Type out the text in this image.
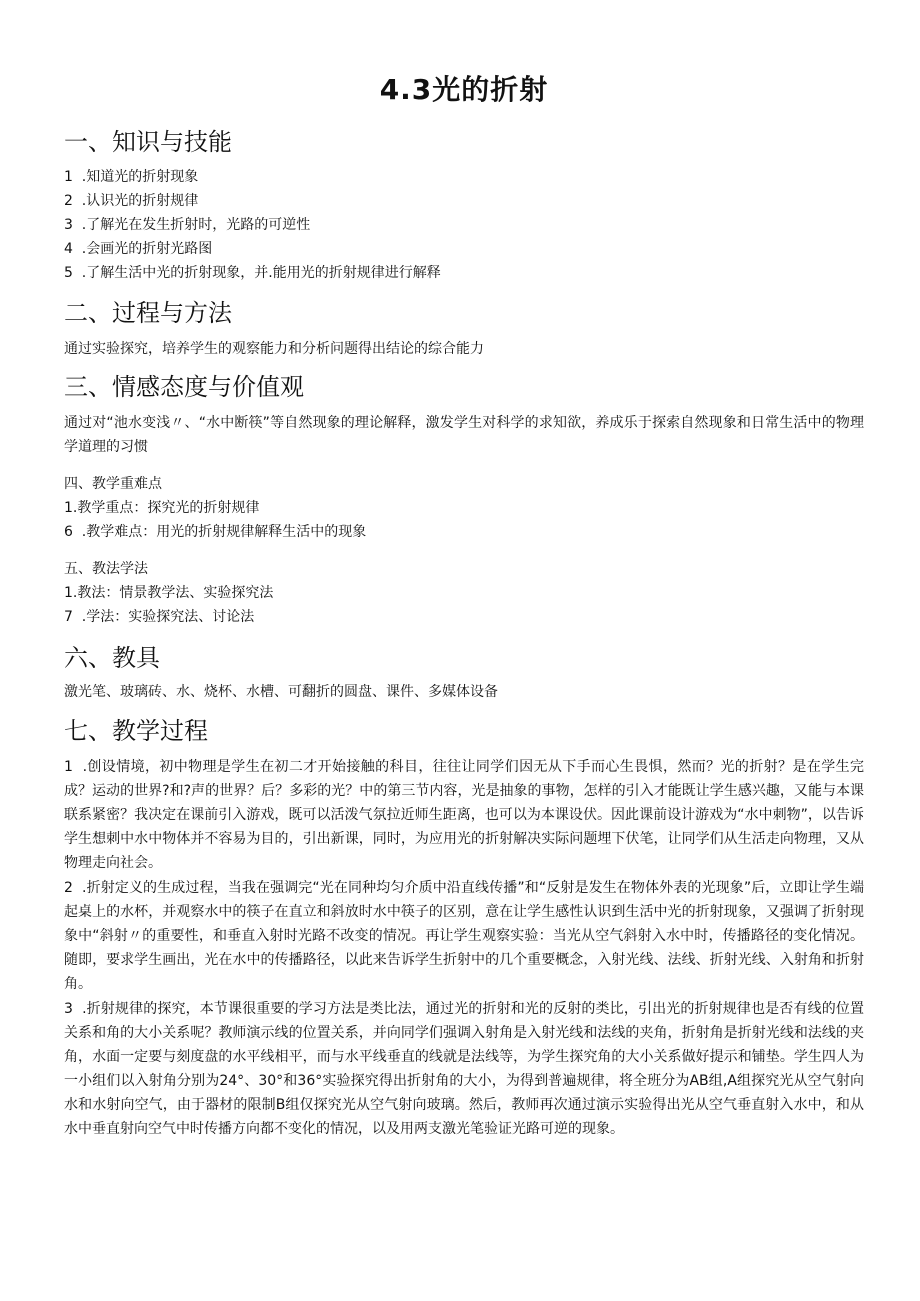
4.3光的折射
一、知识与技能
1  .知道光的折射现象
2  .认识光的折射规律
3  .了解光在发生折射时，光路的可逆性
4  .会画光的折射光路图
5  .了解生活中光的折射现象，并.能用光的折射规律进行解释
二、过程与方法
通过实验探究，培养学生的观察能力和分析问题得出结论的综合能力
三、情感态度与价值观
通过对“池水变浅〃、“水中断筷”等自然现象的理论解释，激发学生对科学的求知欲，养成乐于探索自然现象和日常生活中的物理学道理的习惯
四、教学重难点
1.教学重点：探究光的折射规律
6  .教学难点：用光的折射规律解释生活中的现象
五、教法学法
1.教法：情景教学法、实验探究法
7  .学法：实验探究法、讨论法
六、教具
激光笔、玻璃砖、水、烧杯、水槽、可翻折的圆盘、课件、多媒体设备
七、教学过程
1  .创设情境，初中物理是学生在初二才开始接触的科目，往往让同学们因无从下手而心生畏惧，然而？光的折射？是在学生完成？运动的世界?和?声的世界？后？多彩的光？中的第三节内容，光是抽象的事物，怎样的引入才能既让学生感兴趣，又能与本课联系紧密？我决定在课前引入游戏，既可以活泼气氛拉近师生距离，也可以为本课设伏。因此课前设计游戏为“水中刺物”，以告诉学生想刺中水中物体并不容易为目的，引出新课，同时，为应用光的折射解决实际问题埋下伏笔，让同学们从生活走向物理，又从物理走向社会。
2  .折射定义的生成过程，当我在强调完“光在同种均匀介质中沿直线传播”和“反射是发生在物体外表的光现象”后，立即让学生端起桌上的水杯，并观察水中的筷子在直立和斜放时水中筷子的区别，意在让学生感性认识到生活中光的折射现象，又强调了折射现象中“斜射〃的重要性，和垂直入射时光路不改变的情况。再让学生观察实验：当光从空气斜射入水中时，传播路径的变化情况。随即，要求学生画出，光在水中的传播路径，以此来告诉学生折射中的几个重要概念，入射光线、法线、折射光线、入射角和折射角。
3  .折射规律的探究，本节课很重要的学习方法是类比法，通过光的折射和光的反射的类比，引出光的折射规律也是否有线的位置关系和角的大小关系呢？教师演示线的位置关系，并向同学们强调入射角是入射光线和法线的夹角，折射角是折射光线和法线的夹角，水面一定要与刻度盘的水平线相平，而与水平线垂直的线就是法线等，为学生探究角的大小关系做好提示和铺垫。学生四人为一小组们以入射角分别为24°、30°和36°实验探究得出折射角的大小，为得到普遍规律，将全班分为AB组,A组探究光从空气射向水和水射向空气，由于器材的限制B组仅探究光从空气射向玻璃。然后，教师再次通过演示实验得出光从空气垂直射入水中，和从水中垂直射向空气中时传播方向都不变化的情况，以及用两支激光笔验证光路可逆的现象。
